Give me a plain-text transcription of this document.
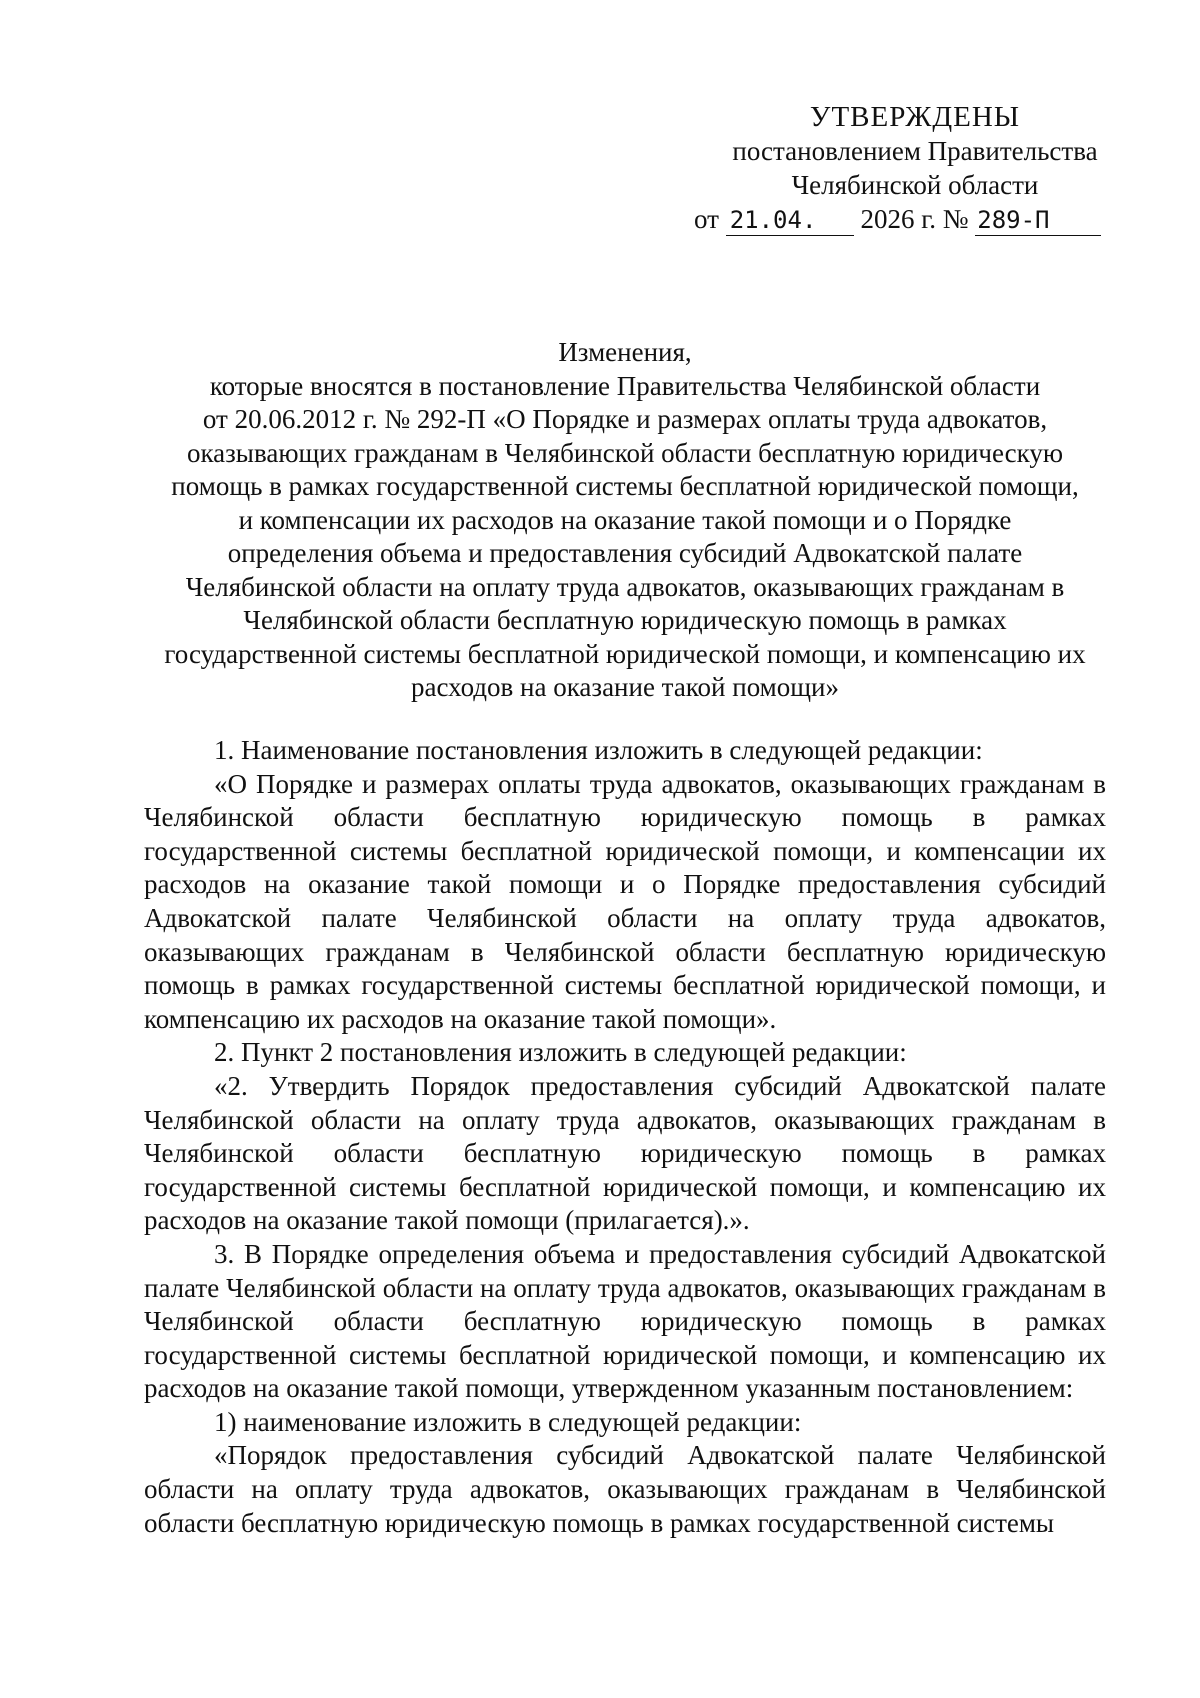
УТВЕРЖДЕНЫ
постановлением Правительства
Челябинской области
от 21.04. 2026 г. № 289-П
Изменения,
которые вносятся в постановление Правительства Челябинской области
от 20.06.2012 г. № 292-П «О Порядке и размерах оплаты труда адвокатов,
оказывающих гражданам в Челябинской области бесплатную юридическую
помощь в рамках государственной системы бесплатной юридической помощи,
и компенсации их расходов на оказание такой помощи и о Порядке
определения объема и предоставления субсидий Адвокатской палате
Челябинской области на оплату труда адвокатов, оказывающих гражданам в
Челябинской области бесплатную юридическую помощь в рамках
государственной системы бесплатной юридической помощи, и компенсацию их
расходов на оказание такой помощи»

1. Наименование постановления изложить в следующей редакции:

«О Порядке и размерах оплаты труда адвокатов, оказывающих гражданам в Челябинской области бесплатную юридическую помощь в рамках государственной системы бесплатной юридической помощи, и компенсации их расходов на оказание такой помощи и о Порядке предоставления субсидий Адвокатской палате Челябинской области на оплату труда адвокатов, оказывающих гражданам в Челябинской области бесплатную юридическую помощь в рамках государственной системы бесплатной юридической помощи, и компенсацию их расходов на оказание такой помощи».

2. Пункт 2 постановления изложить в следующей редакции:

«2. Утвердить Порядок предоставления субсидий Адвокатской палате Челябинской области на оплату труда адвокатов, оказывающих гражданам в Челябинской области бесплатную юридическую помощь в рамках государственной системы бесплатной юридической помощи, и компенсацию их расходов на оказание такой помощи (прилагается).».

3. В Порядке определения объема и предоставления субсидий Адвокатской палате Челябинской области на оплату труда адвокатов, оказывающих гражданам в Челябинской области бесплатную юридическую помощь в рамках государственной системы бесплатной юридической помощи, и компенсацию их расходов на оказание такой помощи, утвержденном указанным постановлением:

1) наименование изложить в следующей редакции:

«Порядок предоставления субсидий Адвокатской палате Челябинской области на оплату труда адвокатов, оказывающих гражданам в Челябинской области бесплатную юридическую помощь в рамках государственной системы
